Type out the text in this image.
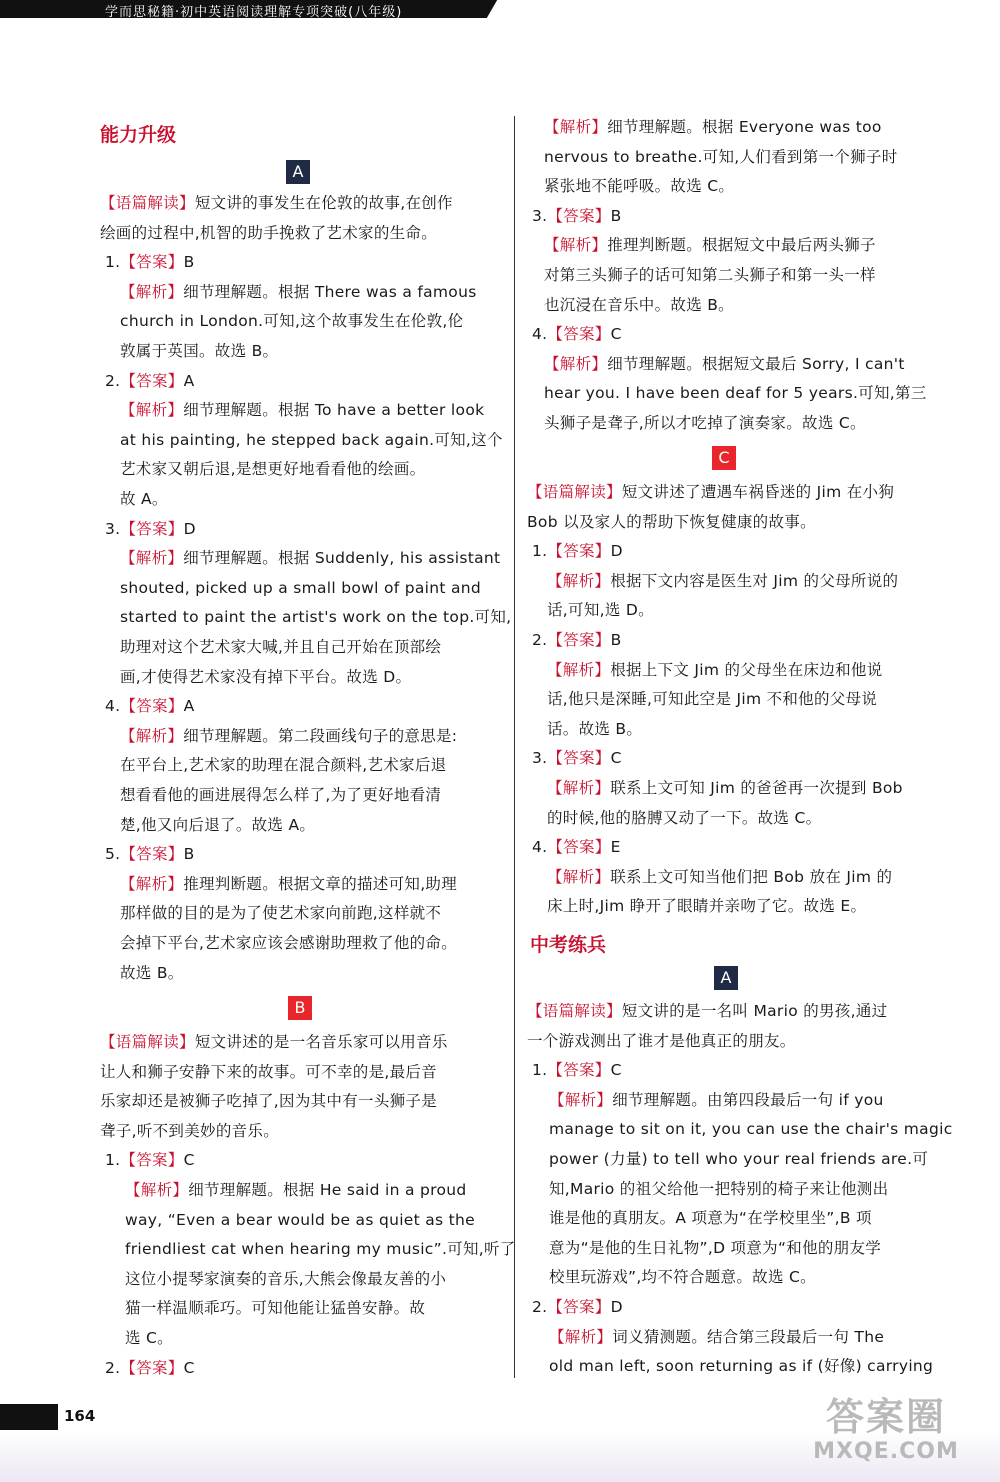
学而思秘籍·初中英语阅读理解专项突破(八年级)
能力升级
A
【语篇解读】短文讲的事发生在伦敦的故事,在创作
绘画的过程中,机智的助手挽救了艺术家的生命。
1.【答案】B
【解析】细节理解题。根据 There was a famous
church in London.可知,这个故事发生在伦敦,伦
敦属于英国。故选 B。
2.【答案】A
【解析】细节理解题。根据 To have a better look
at his painting, he stepped back again.可知,这个
艺术家又朝后退,是想更好地看看他的绘画。
故 A。
3.【答案】D
【解析】细节理解题。根据 Suddenly, his assistant
shouted, picked up a small bowl of paint and
started to paint the artist's work on the top.可知,
助理对这个艺术家大喊,并且自己开始在顶部绘
画,才使得艺术家没有掉下平台。故选 D。
4.【答案】A
【解析】细节理解题。第二段画线句子的意思是:
在平台上,艺术家的助理在混合颜料,艺术家后退
想看看他的画进展得怎么样了,为了更好地看清
楚,他又向后退了。故选 A。
5.【答案】B
【解析】推理判断题。根据文章的描述可知,助理
那样做的目的是为了使艺术家向前跑,这样就不
会掉下平台,艺术家应该会感谢助理救了他的命。
故选 B。
B
【语篇解读】短文讲述的是一名音乐家可以用音乐
让人和狮子安静下来的故事。可不幸的是,最后音
乐家却还是被狮子吃掉了,因为其中有一头狮子是
聋子,听不到美妙的音乐。
1.【答案】C
【解析】细节理解题。根据 He said in a proud
way, “Even a bear would be as quiet as the
friendliest cat when hearing my music”.可知,听了
这位小提琴家演奏的音乐,大熊会像最友善的小
猫一样温顺乖巧。可知他能让猛兽安静。故
选 C。
2.【答案】C
【解析】细节理解题。根据 Everyone was too
nervous to breathe.可知,人们看到第一个狮子时
紧张地不能呼吸。故选 C。
3.【答案】B
【解析】推理判断题。根据短文中最后两头狮子
对第三头狮子的话可知第二头狮子和第一头一样
也沉浸在音乐中。故选 B。
4.【答案】C
【解析】细节理解题。根据短文最后 Sorry, I can't
hear you. I have been deaf for 5 years.可知,第三
头狮子是聋子,所以才吃掉了演奏家。故选 C。
C
【语篇解读】短文讲述了遭遇车祸昏迷的 Jim 在小狗
Bob 以及家人的帮助下恢复健康的故事。
1.【答案】D
【解析】根据下文内容是医生对 Jim 的父母所说的
话,可知,选 D。
2.【答案】B
【解析】根据上下文 Jim 的父母坐在床边和他说
话,他只是深睡,可知此空是 Jim 不和他的父母说
话。故选 B。
3.【答案】C
【解析】联系上文可知 Jim 的爸爸再一次提到 Bob
的时候,他的胳膊又动了一下。故选 C。
4.【答案】E
【解析】联系上文可知当他们把 Bob 放在 Jim 的
床上时,Jim 睁开了眼睛并亲吻了它。故选 E。
中考练兵
A
【语篇解读】短文讲的是一名叫 Mario 的男孩,通过
一个游戏测出了谁才是他真正的朋友。
1.【答案】C
【解析】细节理解题。由第四段最后一句 if you
manage to sit on it, you can use the chair's magic
power (力量) to tell who your real friends are.可
知,Mario 的祖父给他一把特别的椅子来让他测出
谁是他的真朋友。A 项意为“在学校里坐”,B 项
意为“是他的生日礼物”,D 项意为“和他的朋友学
校里玩游戏”,均不符合题意。故选 C。
2.【答案】D
【解析】词义猜测题。结合第三段最后一句 The
old man left, soon returning as if (好像) carrying
164	答案圈
MXQE.COM
